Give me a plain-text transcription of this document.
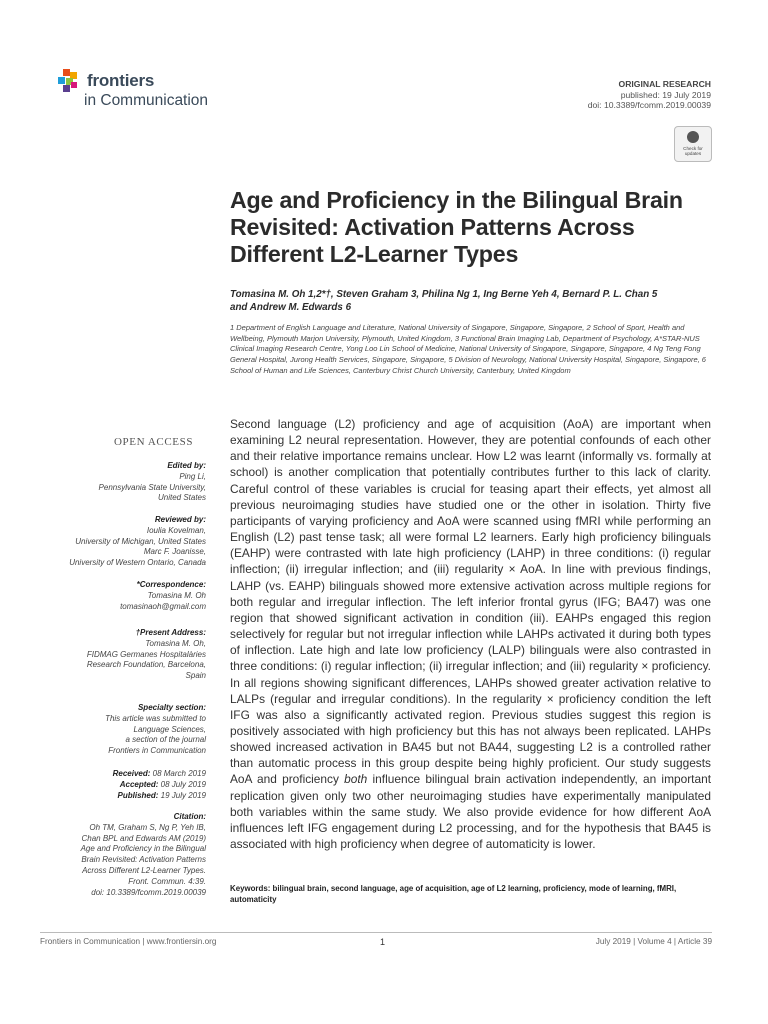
frontiers
in Communication
ORIGINAL RESEARCH
published: 19 July 2019
doi: 10.3389/fcomm.2019.00039
Check for
updates
Age and Proficiency in the Bilingual Brain Revisited: Activation Patterns Across Different L2-Learner Types
Tomasina M. Oh 1,2*†, Steven Graham 3, Philina Ng 1, Ing Berne Yeh 4, Bernard P. L. Chan 5
and Andrew M. Edwards 6
1 Department of English Language and Literature, National University of Singapore, Singapore, Singapore, 2 School of Sport, Health and Wellbeing, Plymouth Marjon University, Plymouth, United Kingdom, 3 Functional Brain Imaging Lab, Department of Psychology, A*STAR-NUS Clinical Imaging Research Centre, Yong Loo Lin School of Medicine, National University of Singapore, Singapore, Singapore, 4 Ng Teng Fong General Hospital, Jurong Health Services, Singapore, Singapore, 5 Division of Neurology, National University Hospital, Singapore, Singapore, 6 School of Human and Life Sciences, Canterbury Christ Church University, Canterbury, United Kingdom
Second language (L2) proficiency and age of acquisition (AoA) are important when examining L2 neural representation. However, they are potential confounds of each other and their relative importance remains unclear. How L2 was learnt (informally vs. formally at school) is another complication that potentially contributes further to this lack of clarity. Careful control of these variables is crucial for teasing apart their effects, yet almost all previous neuroimaging studies have studied one or the other in isolation. Thirty five participants of varying proficiency and AoA were scanned using fMRI while performing an English (L2) past tense task; all were formal L2 learners. Early high proficiency bilinguals (EAHP) were contrasted with late high proficiency (LAHP) in three conditions: (i) regular inflection; (ii) irregular inflection; and (iii) regularity × AoA. In line with previous findings, LAHP (vs. EAHP) bilinguals showed more extensive activation across multiple regions for both regular and irregular inflection. The left inferior frontal gyrus (IFG; BA47) was one region that showed significant activation in condition (iii). EAHPs engaged this region selectively for regular but not irregular inflection while LAHPs activated it during both types of inflection. Late high and late low proficiency (LALP) bilinguals were also contrasted in three conditions: (i) regular inflection; (ii) irregular inflection; and (iii) regularity × proficiency. In all regions showing significant differences, LAHPs showed greater activation relative to LALPs (regular and irregular conditions). In the regularity × proficiency condition the left IFG was also a significantly activated region. Previous studies suggest this region is positively associated with high proficiency but this has not always been replicated. LAHPs showed increased activation in BA45 but not BA44, suggesting L2 is a controlled rather than automatic process in this group despite being highly proficient. Our study suggests AoA and proficiency both influence bilingual brain activation independently, an important replication given only two other neuroimaging studies have experimentally manipulated both variables within the same study. We also provide evidence for how different AoA influences left IFG engagement during L2 processing, and for the hypothesis that BA45 is associated with high proficiency when degree of automaticity is lower.
Keywords: bilingual brain, second language, age of acquisition, age of L2 learning, proficiency, mode of learning, fMRI, automaticity
OPEN ACCESS
Edited by:
Ping Li,
Pennsylvania State University,
United States
Reviewed by:
Ioulia Kovelman,
University of Michigan, United States
Marc F. Joanisse,
University of Western Ontario, Canada
*Correspondence:
Tomasina M. Oh
tomasinaoh@gmail.com
†Present Address:
Tomasina M. Oh,
FIDMAG Germanes Hospitalàries
Research Foundation, Barcelona,
Spain
Specialty section:
This article was submitted to
Language Sciences,
a section of the journal
Frontiers in Communication
Received: 08 March 2019
Accepted: 08 July 2019
Published: 19 July 2019
Citation:
Oh TM, Graham S, Ng P, Yeh IB,
Chan BPL and Edwards AM (2019)
Age and Proficiency in the Bilingual
Brain Revisited: Activation Patterns
Across Different L2-Learner Types.
Front. Commun. 4:39.
doi: 10.3389/fcomm.2019.00039
Frontiers in Communication | www.frontiersin.org	1	July 2019 | Volume 4 | Article 39
